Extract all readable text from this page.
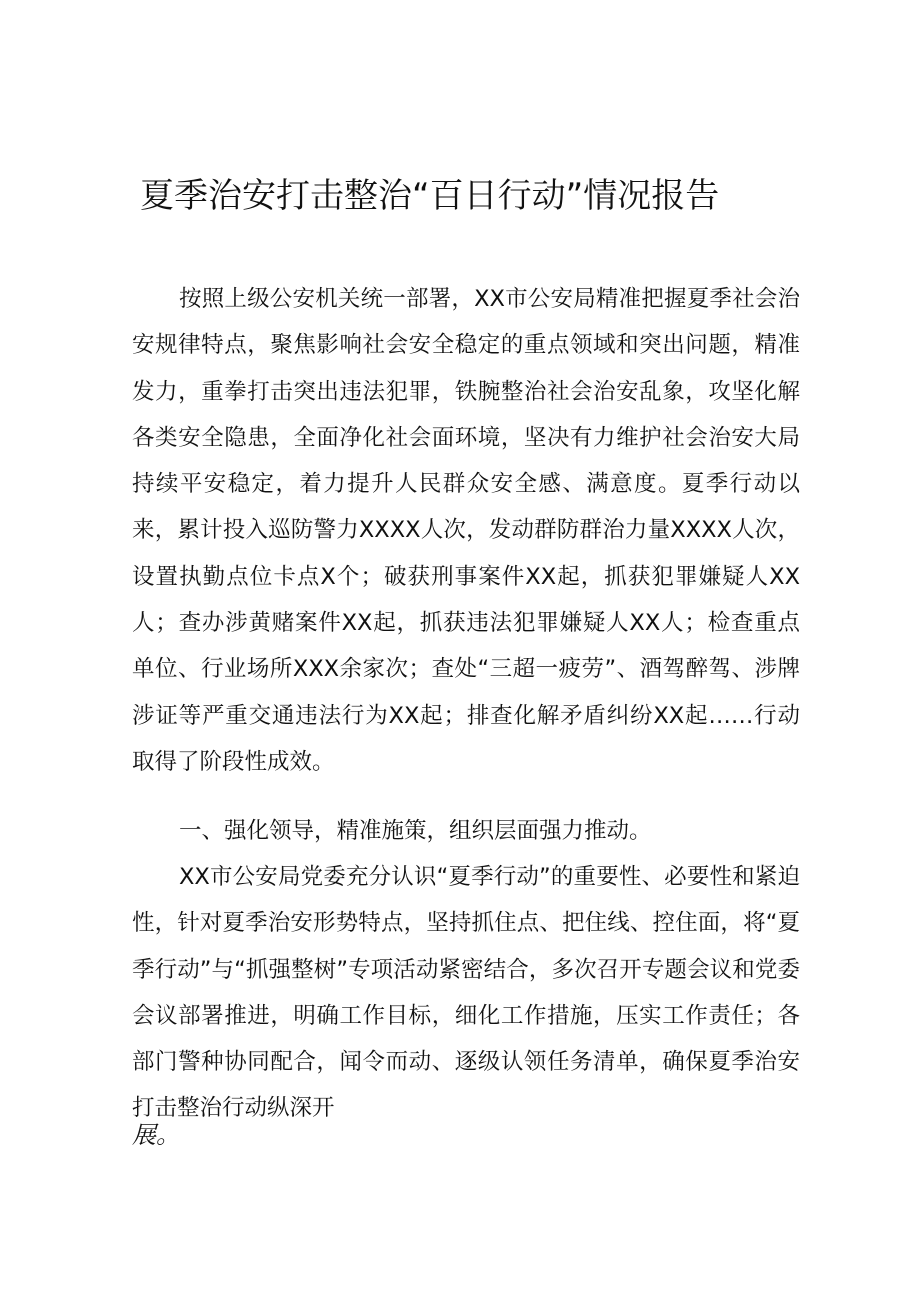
夏季治安打击整治“百日行动”情况报告

按照上级公安机关统一部署，XX市公安局精准把握夏季社会治安规律特点，聚焦影响社会安全稳定的重点领域和突出问题，精准发力，重拳打击突出违法犯罪，铁腕整治社会治安乱象，攻坚化解各类安全隐患，全面净化社会面环境，坚决有力维护社会治安大局持续平安稳定，着力提升人民群众安全感、满意度。夏季行动以来，累计投入巡防警力XXXX人次，发动群防群治力量XXXX人次，设置执勤点位卡点X个；破获刑事案件XX起，抓获犯罪嫌疑人XX人；查办涉黄赌案件XX起，抓获违法犯罪嫌疑人XX人；检查重点单位、行业场所XXX余家次；查处“三超一疲劳”、酒驾醉驾、涉牌涉证等严重交通违法行为XX起；排查化解矛盾纠纷XX起……行动取得了阶段性成效。

一、强化领导，精准施策，组织层面强力推动。

XX市公安局党委充分认识“夏季行动”的重要性、必要性和紧迫性，针对夏季治安形势特点，坚持抓住点、把住线、控住面，将“夏季行动”与“抓强整树”专项活动紧密结合，多次召开专题会议和党委会议部署推进，明确工作目标，细化工作措施，压实工作责任；各部门警种协同配合，闻令而动、逐级认领任务清单，确保夏季治安打击整治行动纵深开

展。
